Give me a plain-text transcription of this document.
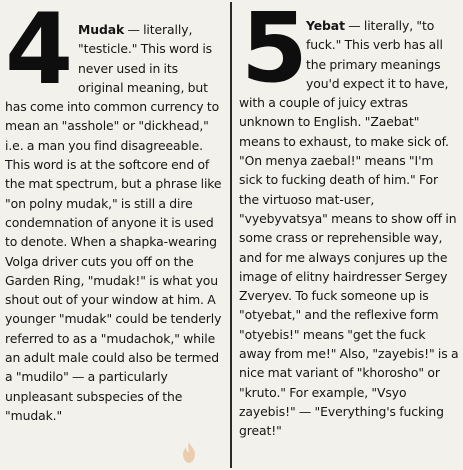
4 Mudak — literally, "testicle." This word is never used in its original meaning, but has come into common currency to mean an "asshole" or "dickhead," i.e. a man you find disagreeable. This word is at the softcore end of the mat spectrum, but a phrase like "on polny mudak," is still a dire condemnation of anyone it is used to denote. When a shapka-wearing Volga driver cuts you off on the Garden Ring, "mudak!" is what you shout out of your window at him. A younger "mudak" could be tenderly referred to as a "mudachok," while an adult male could also be termed a "mudilo" — a particularly unpleasant subspecies of the "mudak."
5 Yebat — literally, "to fuck." This verb has all the primary meanings you'd expect it to have, with a couple of juicy extras unknown to English. "Zaebat" means to exhaust, to make sick of. "On menya zaebal!" means "I'm sick to fucking death of him." For the virtuoso mat-user, "vyebyvatsya" means to show off in some crass or reprehensible way, and for me always conjures up the image of elitny hairdresser Sergey Zveryev. To fuck someone up is "otyebat," and the reflexive form "otyebis!" means "get the fuck away from me!" Also, "zayebis!" is a nice mat variant of "khorosho" or "kruto." For example, "Vsyo zayebis!" — "Everything's fucking great!"
